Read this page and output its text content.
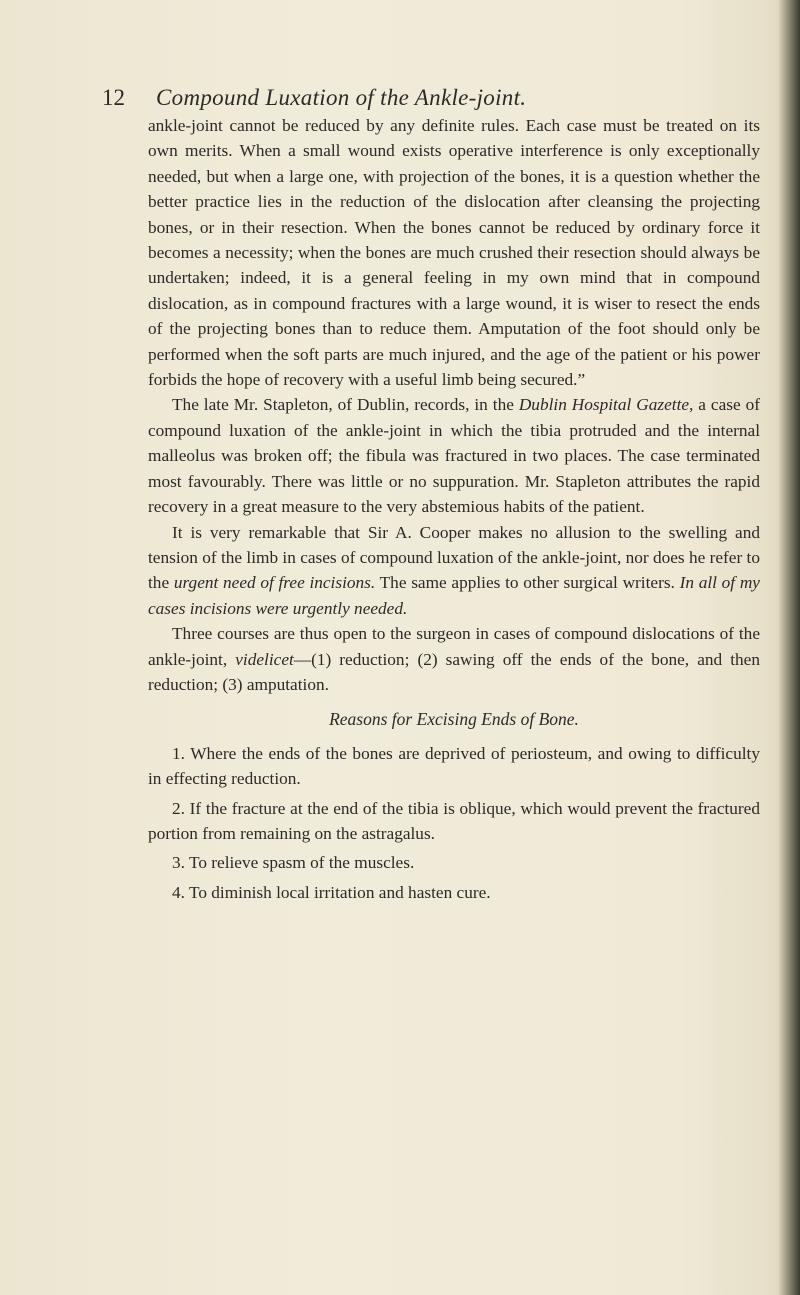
12 Compound Luxation of the Ankle-joint.

ankle-joint cannot be reduced by any definite rules. Each case must be treated on its own merits. When a small wound exists operative interference is only exceptionally needed, but when a large one, with projection of the bones, it is a question whether the better practice lies in the reduction of the dislocation after cleansing the projecting bones, or in their resection. When the bones cannot be reduced by ordinary force it becomes a necessity; when the bones are much crushed their resection should always be undertaken; indeed, it is a general feeling in my own mind that in compound dislocation, as in compound fractures with a large wound, it is wiser to resect the ends of the projecting bones than to reduce them. Amputation of the foot should only be performed when the soft parts are much injured, and the age of the patient or his power forbids the hope of recovery with a useful limb being secured.”

The late Mr. Stapleton, of Dublin, records, in the Dublin Hospital Gazette, a case of compound luxation of the ankle-joint in which the tibia protruded and the internal malleolus was broken off; the fibula was fractured in two places. The case terminated most favourably. There was little or no suppuration. Mr. Stapleton attributes the rapid recovery in a great measure to the very abstemious habits of the patient.

It is very remarkable that Sir A. Cooper makes no allusion to the swelling and tension of the limb in cases of compound luxation of the ankle-joint, nor does he refer to the urgent need of free incisions. The same applies to other surgical writers. In all of my cases incisions were urgently needed.

Three courses are thus open to the surgeon in cases of compound dislocations of the ankle-joint, videlicet—(1) reduction; (2) sawing off the ends of the bone, and then reduction; (3) amputation.

Reasons for Excising Ends of Bone.

1. Where the ends of the bones are deprived of periosteum, and owing to difficulty in effecting reduction.

2. If the fracture at the end of the tibia is oblique, which would prevent the fractured portion from remaining on the astragalus.

3. To relieve spasm of the muscles.

4. To diminish local irritation and hasten cure.
